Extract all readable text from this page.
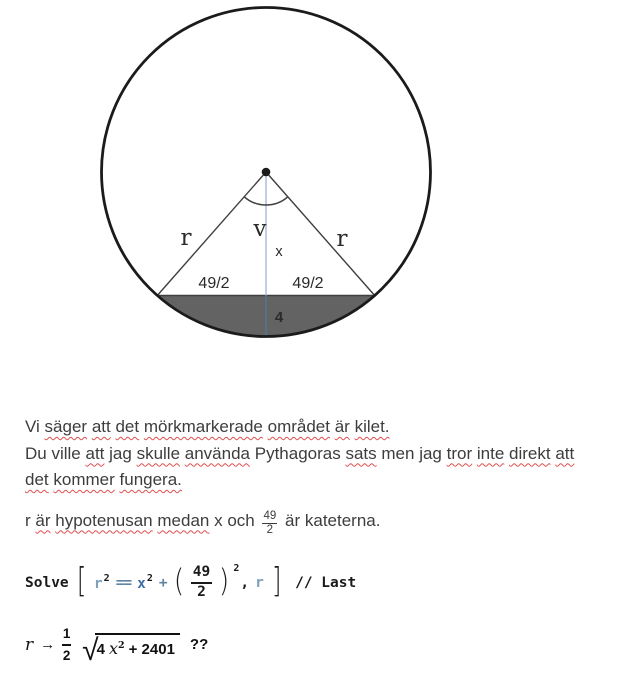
r	r
v
x
49/2	49/2
4

Vi säger att det mörkmarkerade området är kilet.
Du ville att jag skulle använda Pythagoras sats men jag tror inte direkt att
det kommer fungera.

r är hypotenusan medan x och $\frac{49}{2}$ är kateterna.

Solve [ $r^2 == x^2$ + ( 49
2 ) 2
, r ] // Last
r →
1
2 √
4 $x^2 + 2401$ ??
